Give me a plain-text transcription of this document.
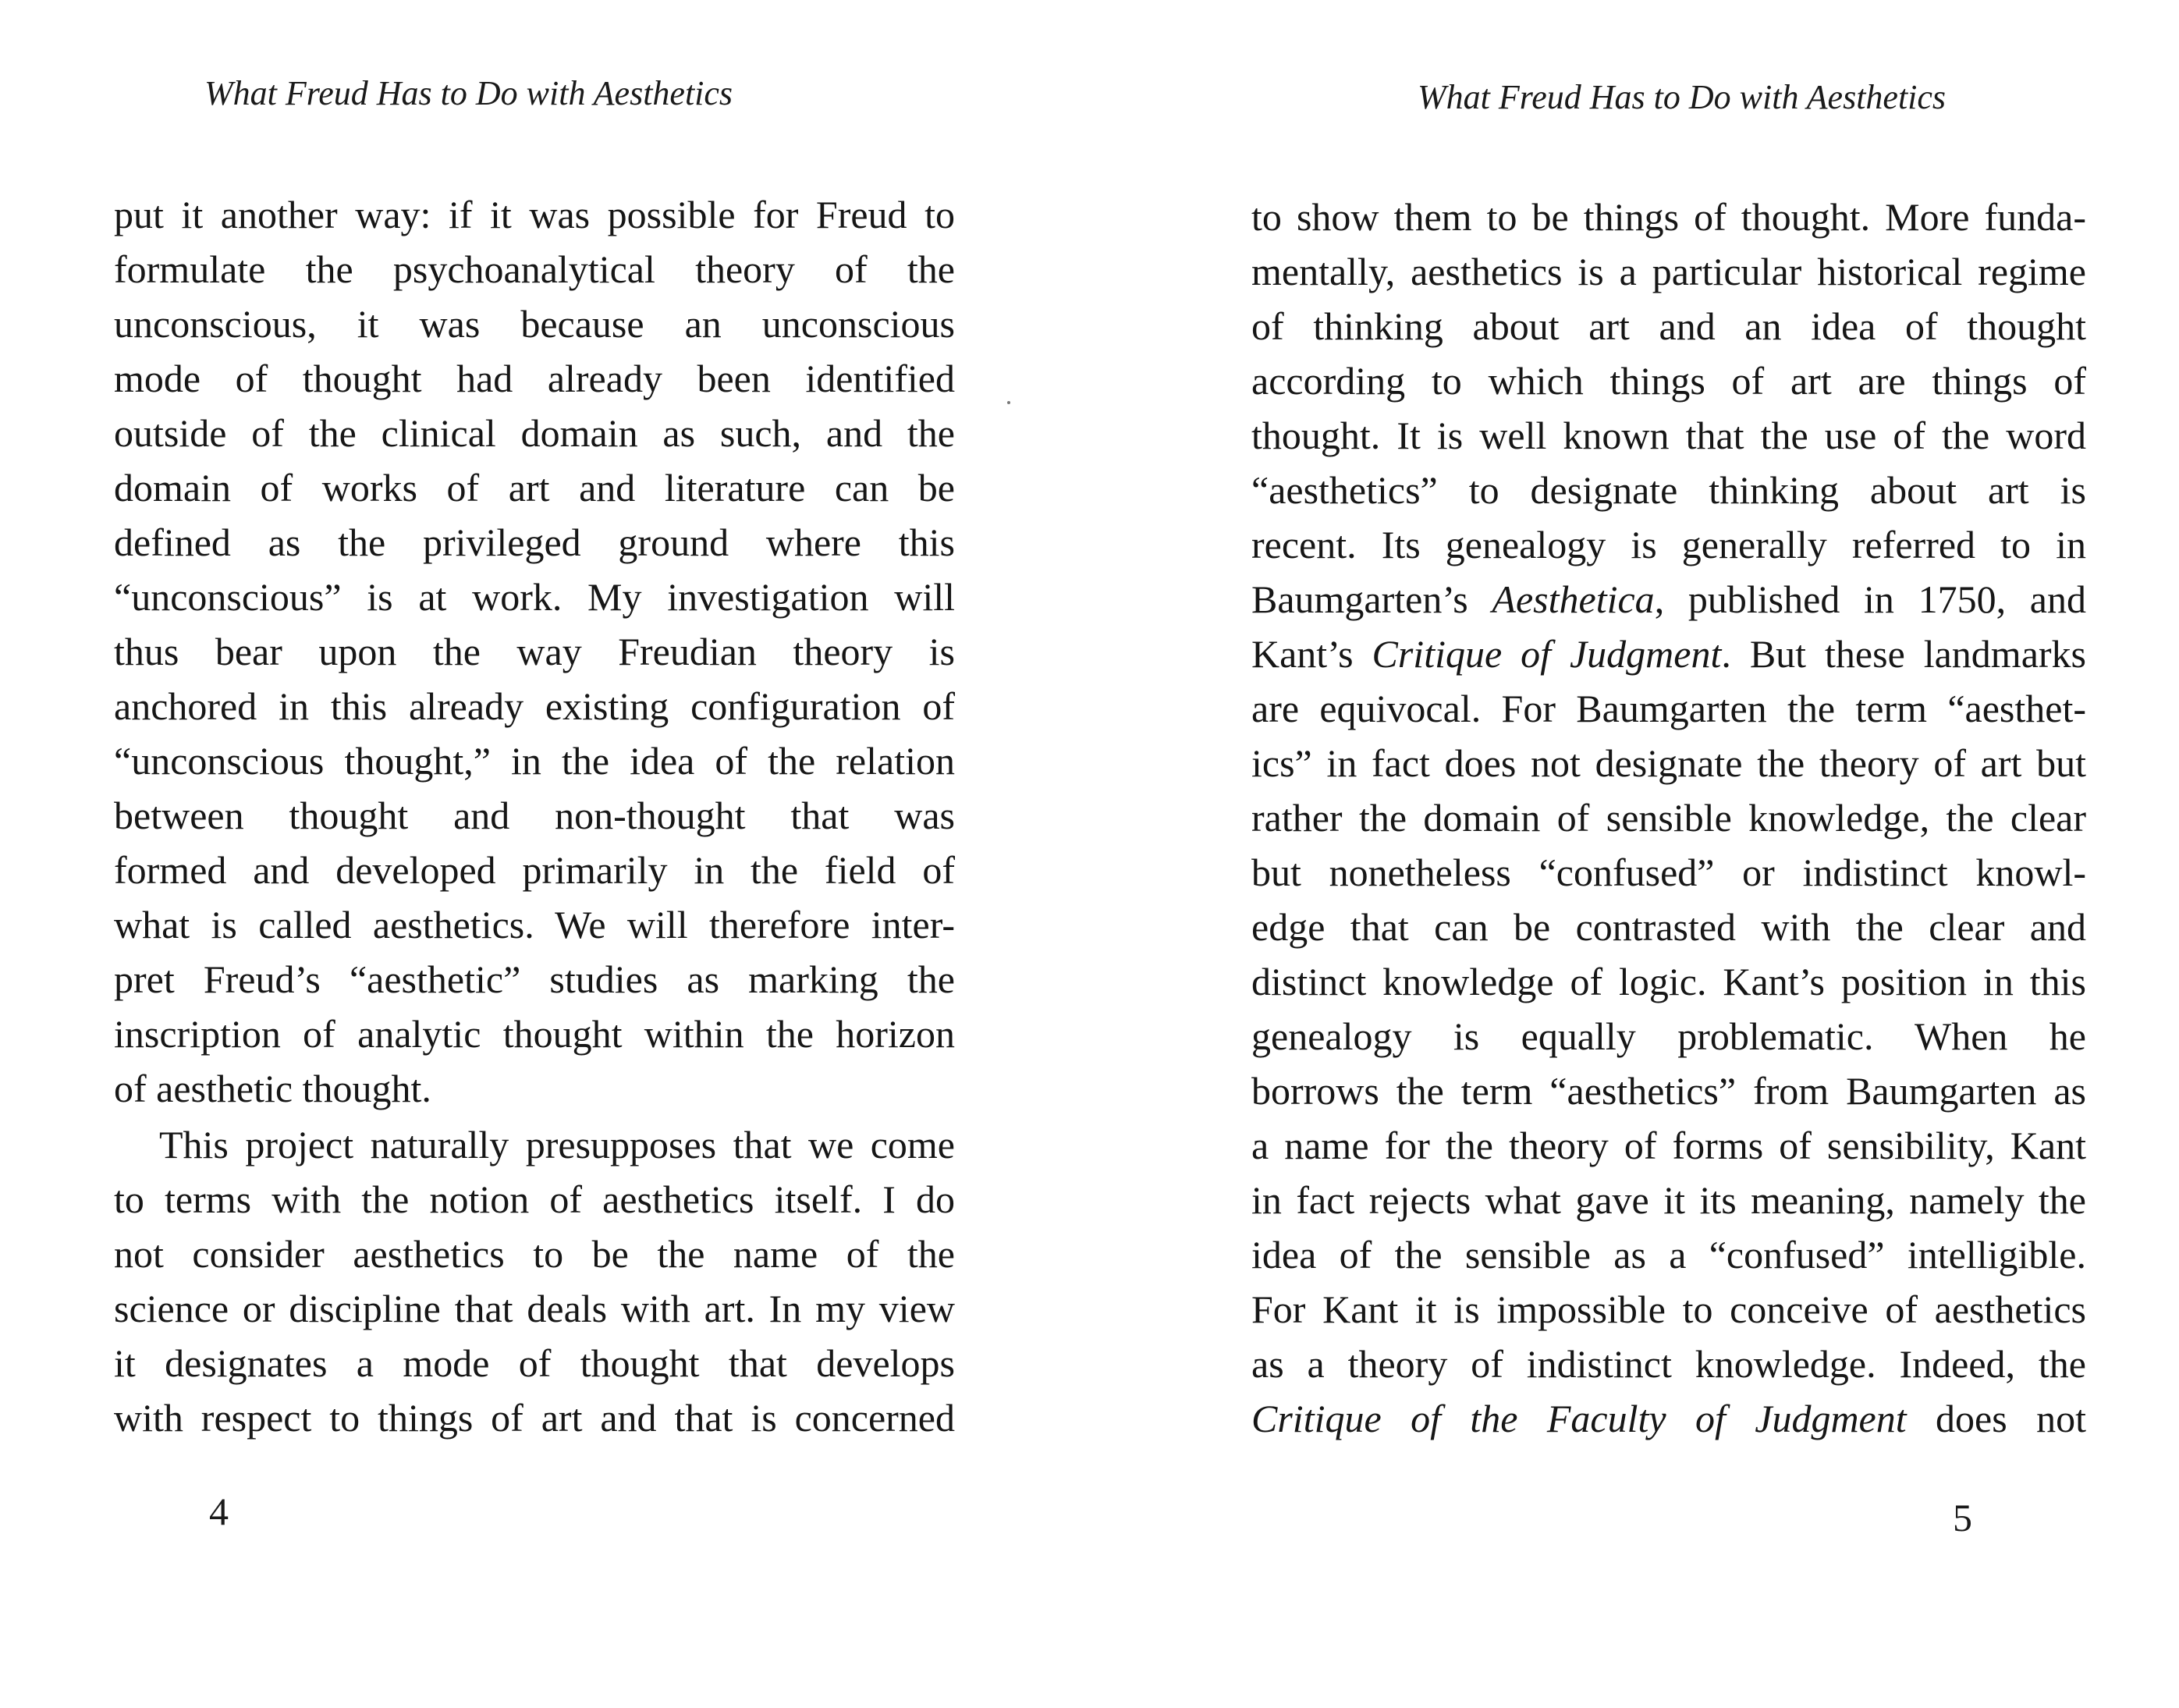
What Freud Has to Do with Aesthetics
put it another way: if it was possible for Freud to
formulate the psychoanalytical theory of the
unconscious, it was because an unconscious
mode of thought had already been identified
outside of the clinical domain as such, and the
domain of works of art and literature can be
defined as the privileged ground where this
“unconscious” is at work. My investigation will
thus bear upon the way Freudian theory is
anchored in this already existing configuration of
“unconscious thought,” in the idea of the relation
between thought and non-thought that was
formed and developed primarily in the field of
what is called aesthetics. We will therefore inter-
pret Freud’s “aesthetic” studies as marking the
inscription of analytic thought within the horizon
of aesthetic thought.
This project naturally presupposes that we come
to terms with the notion of aesthetics itself. I do
not consider aesthetics to be the name of the
science or discipline that deals with art. In my view
it designates a mode of thought that develops
with respect to things of art and that is concerned
4
What Freud Has to Do with Aesthetics
to show them to be things of thought. More funda-
mentally, aesthetics is a particular historical regime
of thinking about art and an idea of thought
according to which things of art are things of
thought. It is well known that the use of the word
“aesthetics” to designate thinking about art is
recent. Its genealogy is generally referred to in
Baumgarten’s Aesthetica, published in 1750, and
Kant’s Critique of Judgment. But these landmarks
are equivocal. For Baumgarten the term “aesthet-
ics” in fact does not designate the theory of art but
rather the domain of sensible knowledge, the clear
but nonetheless “confused” or indistinct knowl-
edge that can be contrasted with the clear and
distinct knowledge of logic. Kant’s position in this
genealogy is equally problematic. When he
borrows the term “aesthetics” from Baumgarten as
a name for the theory of forms of sensibility, Kant
in fact rejects what gave it its meaning, namely the
idea of the sensible as a “confused” intelligible.
For Kant it is impossible to conceive of aesthetics
as a theory of indistinct knowledge. Indeed, the
Critique of the Faculty of Judgment does not
5
